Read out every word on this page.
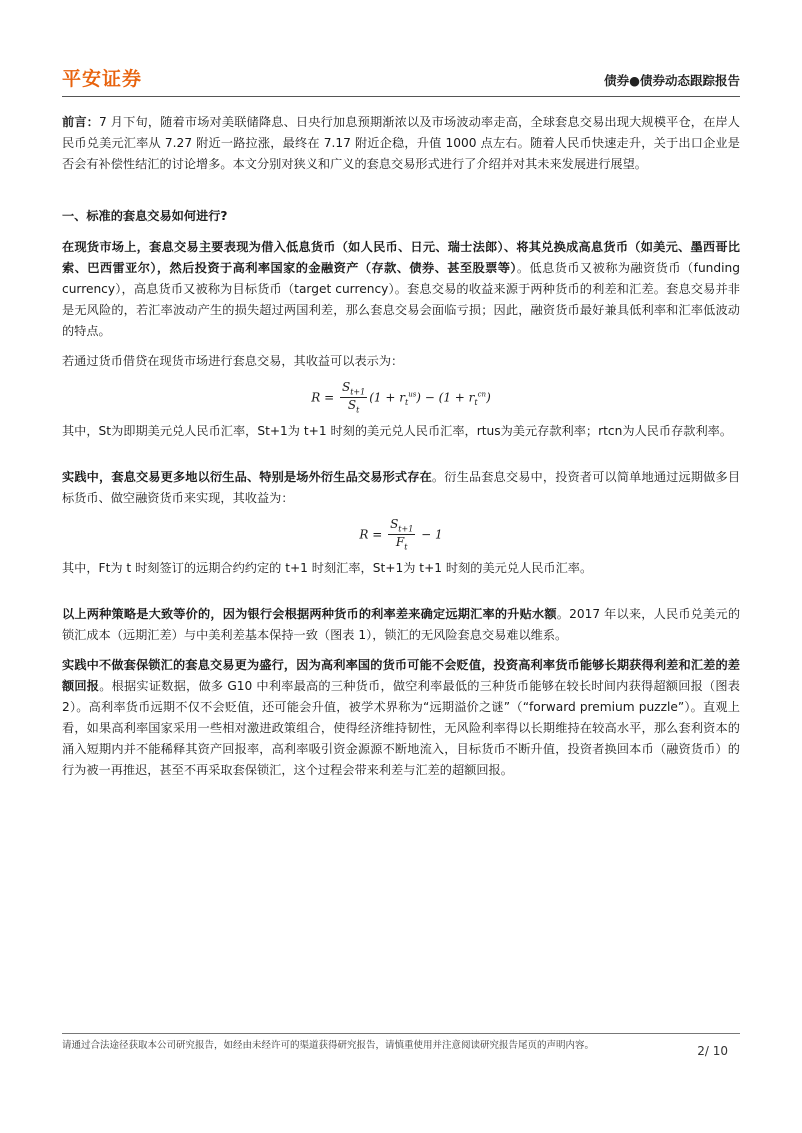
平安证券	债券●债券动态跟踪报告

前言：7 月下旬，随着市场对美联储降息、日央行加息预期渐浓以及市场波动率走高，全球套息交易出现大规模平仓，在岸人民币兑美元汇率从 7.27 附近一路拉涨，最终在 7.17 附近企稳，升值 1000 点左右。随着人民币快速走升，关于出口企业是否会有补偿性结汇的讨论增多。本文分别对狭义和广义的套息交易形式进行了介绍并对其未来发展进行展望。

一、标准的套息交易如何进行?

在现货市场上，套息交易主要表现为借入低息货币（如人民币、日元、瑞士法郎）、将其兑换成高息货币（如美元、墨西哥比索、巴西雷亚尔），然后投资于高利率国家的金融资产（存款、债券、甚至股票等）。低息货币又被称为融资货币（funding currency），高息货币又被称为目标货币（target currency）。套息交易的收益来源于两种货币的利差和汇差。套息交易并非是无风险的，若汇率波动产生的损失超过两国利差，那么套息交易会面临亏损；因此，融资货币最好兼具低利率和汇率低波动的特点。

若通过货币借贷在现货市场进行套息交易，其收益可以表示为：

$R = \frac{S_{t+1}}{S_t} (1 + r_t^{us}) - (1 + r_t^{cn})$

其中，St为即期美元兑人民币汇率，St+1为 t+1 时刻的美元兑人民币汇率，rtus为美元存款利率；rtcn为人民币存款利率。

实践中，套息交易更多地以衍生品、特别是场外衍生品交易形式存在。衍生品套息交易中，投资者可以简单地通过远期做多目标货币、做空融资货币来实现，其收益为：

$R = \frac{S_{t+1}}{F_t} - 1$

其中，Ft为 t 时刻签订的远期合约约定的 t+1 时刻汇率，St+1为 t+1 时刻的美元兑人民币汇率。

以上两种策略是大致等价的，因为银行会根据两种货币的利率差来确定远期汇率的升贴水额。2017 年以来，人民币兑美元的锁汇成本（远期汇差）与中美利差基本保持一致（图表 1），锁汇的无风险套息交易难以维系。

实践中不做套保锁汇的套息交易更为盛行，因为高利率国的货币可能不会贬值，投资高利率货币能够长期获得利差和汇差的差额回报。根据实证数据，做多 G10 中利率最高的三种货币，做空利率最低的三种货币能够在较长时间内获得超额回报（图表 2）。高利率货币远期不仅不会贬值，还可能会升值，被学术界称为“远期溢价之谜”（“forward premium puzzle”）。直观上看，如果高利率国家采用一些相对激进政策组合，使得经济维持韧性，无风险利率得以长期维持在较高水平，那么套利资本的涌入短期内并不能稀释其资产回报率，高利率吸引资金源源不断地流入，目标货币不断升值，投资者换回本币（融资货币）的行为被一再推迟，甚至不再采取套保锁汇，这个过程会带来利差与汇差的超额回报。

请通过合法途径获取本公司研究报告，如经由未经许可的渠道获得研究报告，请慎重使用并注意阅读研究报告尾页的声明内容。	2/ 10
